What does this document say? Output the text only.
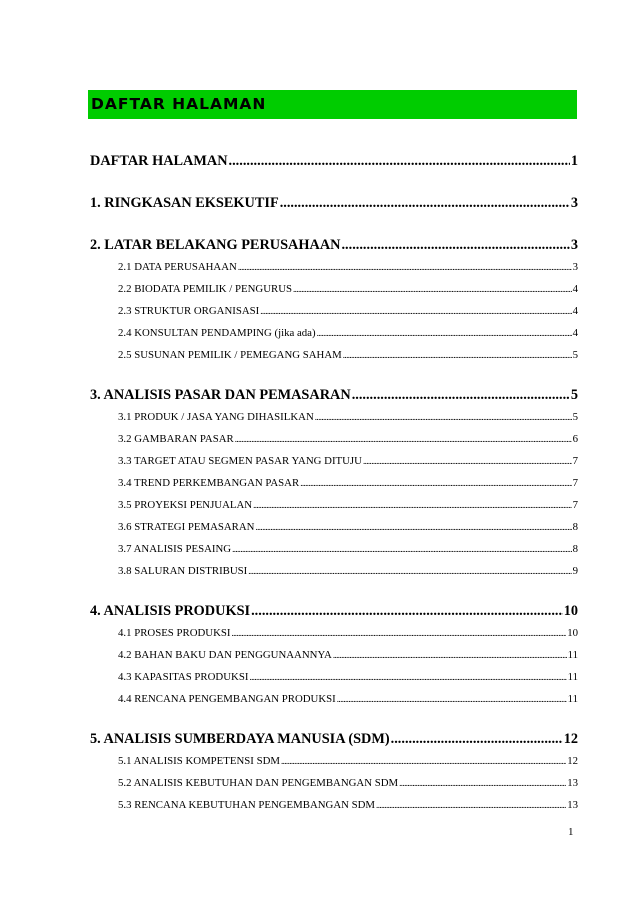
DAFTAR HALAMAN
DAFTAR HALAMAN .....	1
1. RINGKASAN EKSEKUTIF .....	3
2. LATAR BELAKANG PERUSAHAAN .....	3
2.1 DATA PERUSAHAAN .....	3
2.2 BIODATA PEMILIK / PENGURUS .....	4
2.3 STRUKTUR ORGANISASI .....	4
2.4 KONSULTAN PENDAMPING (jika ada) .....	4
2.5 SUSUNAN PEMILIK / PEMEGANG SAHAM .....	5
3. ANALISIS PASAR DAN PEMASARAN .....	5
3.1 PRODUK / JASA YANG DIHASILKAN .....	5
3.2 GAMBARAN PASAR .....	6
3.3 TARGET ATAU SEGMEN PASAR YANG DITUJU .....	7
3.4 TREND PERKEMBANGAN PASAR .....	7
3.5 PROYEKSI PENJUALAN .....	7
3.6 STRATEGI PEMASARAN .....	8
3.7 ANALISIS PESAING .....	8
3.8 SALURAN DISTRIBUSI .....	9
4. ANALISIS PRODUKSI .....	10
4.1 PROSES PRODUKSI .....	10
4.2 BAHAN BAKU DAN PENGGUNAANNYA .....	11
4.3 KAPASITAS PRODUKSI .....	11
4.4 RENCANA PENGEMBANGAN PRODUKSI .....	11
5. ANALISIS SUMBERDAYA MANUSIA (SDM) .....	12
5.1 ANALISIS KOMPETENSI SDM .....	12
5.2 ANALISIS KEBUTUHAN DAN PENGEMBANGAN SDM .....	13
5.3 RENCANA KEBUTUHAN PENGEMBANGAN SDM .....	13
1
